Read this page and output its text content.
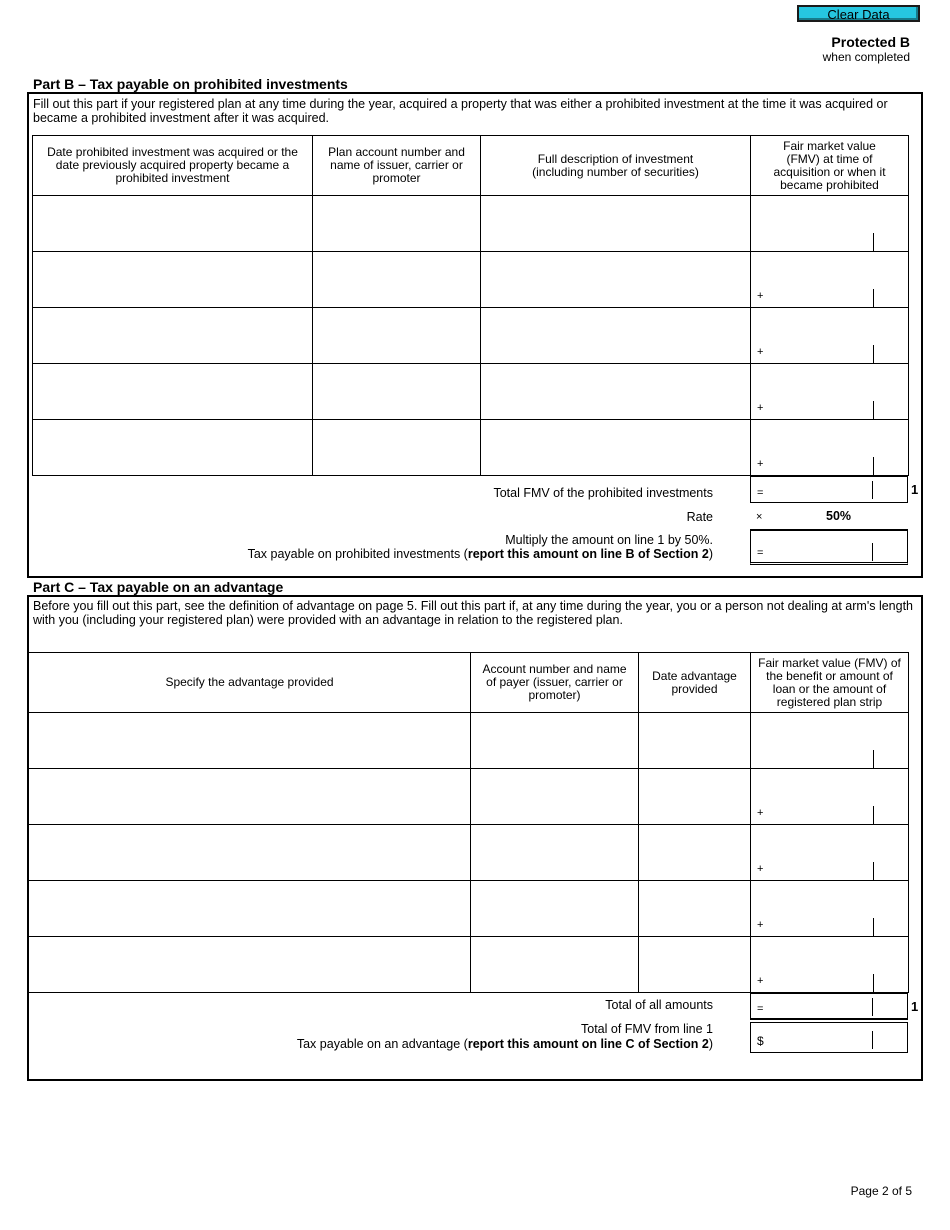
Clear Data
Protected B
when completed
Part B – Tax payable on prohibited investments
Fill out this part if your registered plan at any time during the year, acquired a property that was either a prohibited investment at the time it was acquired or became a prohibited investment after it was acquired.
Date prohibited investment was acquired or the date previously acquired property became a prohibited investment	Plan account number and name of issuer, carrier or promoter	Full description of investment (including number of securities)	Fair market value (FMV) at time of acquisition or when it became prohibited

			+

			+

			+

			+
Total FMV of the prohibited investments	=	1
Rate	×	50%
Multiply the amount on line 1 by 50%.
Tax payable on prohibited investments (report this amount on line B of Section 2)	=
Part C – Tax payable on an advantage
Before you fill out this part, see the definition of advantage on page 5. Fill out this part if, at any time during the year, you or a person not dealing at arm's length with you (including your registered plan) were provided with an advantage in relation to the registered plan.
Specify the advantage provided	Account number and name of payer (issuer, carrier or promoter)	Date advantage provided	Fair market value (FMV) of the benefit or amount of loan or the amount of registered plan strip

			+

			+

			+

			+
Total of all amounts	=	1
Total of FMV from line 1
Tax payable on an advantage (report this amount on line C of Section 2)	$
Page 2 of 5
